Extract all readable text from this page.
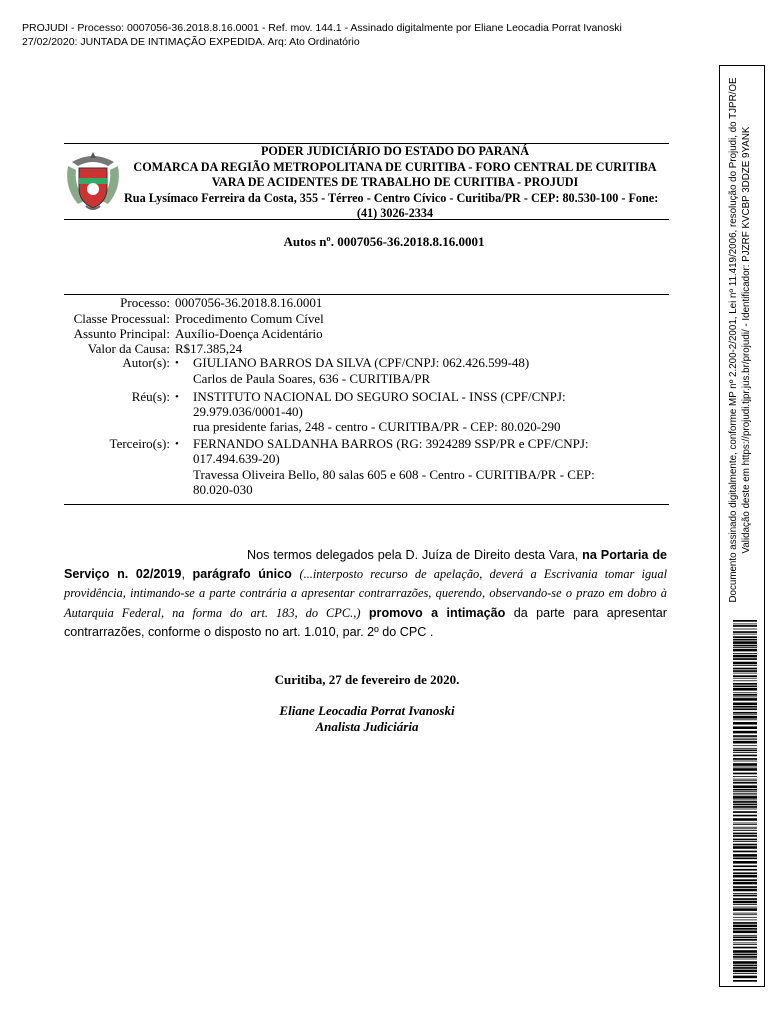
PROJUDI - Processo: 0007056-36.2018.8.16.0001 - Ref. mov. 144.1 - Assinado digitalmente por Eliane Leocadia Porrat Ivanoski
27/02/2020: JUNTADA DE INTIMAÇÃO EXPEDIDA. Arq: Ato Ordinatório
PODER JUDICIÁRIO DO ESTADO DO PARANÁ
COMARCA DA REGIÃO METROPOLITANA DE CURITIBA - FORO CENTRAL DE CURITIBA
VARA DE ACIDENTES DE TRABALHO DE CURITIBA - PROJUDI
Rua Lysímaco Ferreira da Costa, 355 - Térreo - Centro Cívico - Curitiba/PR - CEP: 80.530-100 - Fone:
(41) 3026-2334
Autos nº. 0007056-36.2018.8.16.0001
Processo: 0007056-36.2018.8.16.0001
Classe Processual: Procedimento Comum Cível
Assunto Principal: Auxílio-Doença Acidentário
Valor da Causa: R$17.385,24
Autor(s): • GIULIANO BARROS DA SILVA (CPF/CNPJ: 062.426.599-48)
Carlos de Paula Soares, 636 - CURITIBA/PR
Réu(s): • INSTITUTO NACIONAL DO SEGURO SOCIAL - INSS (CPF/CNPJ:
29.979.036/0001-40)
rua presidente farias, 248 - centro - CURITIBA/PR - CEP: 80.020-290
Terceiro(s): • FERNANDO SALDANHA BARROS (RG: 3924289 SSP/PR e CPF/CNPJ:
017.494.639-20)
Travessa Oliveira Bello, 80 salas 605 e 608 - Centro - CURITIBA/PR - CEP:
80.020-030
Nos termos delegados pela D. Juíza de Direito desta Vara, na Portaria de Serviço n. 02/2019, parágrafo único (...interposto recurso de apelação, deverá a Escrivania tomar igual providência, intimando-se a parte contrária a apresentar contrarrazões, querendo, observando-se o prazo em dobro à Autarquia Federal, na forma do art. 183, do CPC.,) promovo a intimação da parte para apresentar contrarrazões, conforme o disposto no art. 1.010, par. 2º do CPC .
Curitiba, 27 de fevereiro de 2020.
Eliane Leocadia Porrat Ivanoski
Analista Judiciária
Documento assinado digitalmente, conforme MP nº 2.200-2/2001, Lei nº 11.419/2006, resolução do Projudi, do TJPR/OE Validação deste em https://projudi.tjpr.jus.br/projudi/ - Identificador: PJZRF KVCBP 3DDZE 9YANK
